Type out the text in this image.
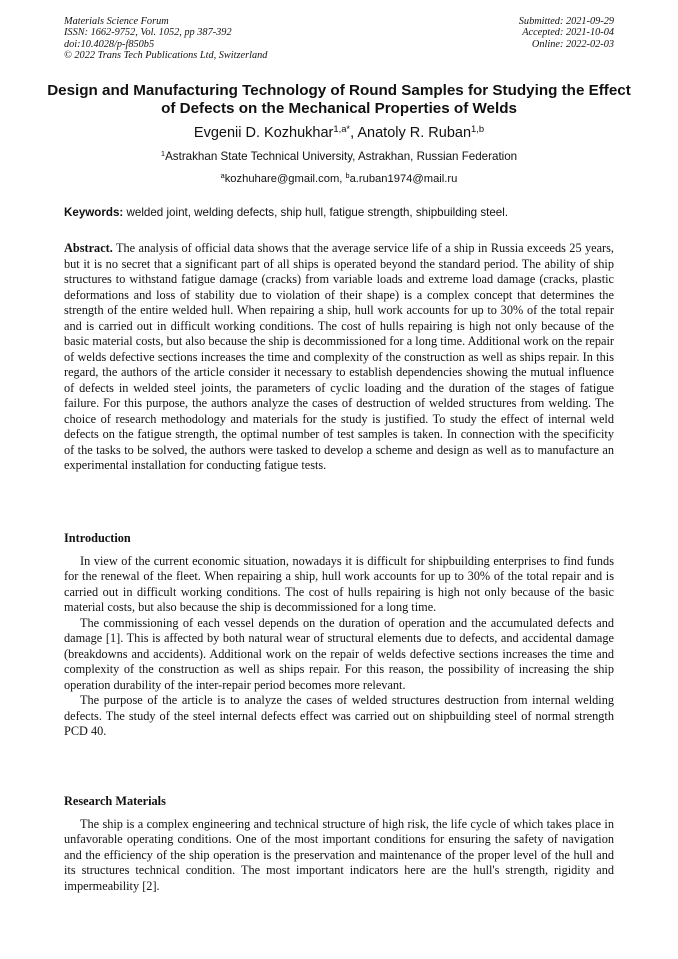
Materials Science Forum
ISSN: 1662-9752, Vol. 1052, pp 387-392
doi:10.4028/p-f850b5
© 2022 Trans Tech Publications Ltd, Switzerland
Submitted: 2021-09-29
Accepted: 2021-10-04
Online: 2022-02-03
Design and Manufacturing Technology of Round Samples for Studying the Effect of Defects on the Mechanical Properties of Welds
Evgenii D. Kozhukhar$^{1,a*}$, Anatoly R. Ruban$^{1,b}$
$^1$Astrakhan State Technical University, Astrakhan, Russian Federation
$^a$kozhuhare@gmail.com, $^b$a.ruban1974@mail.ru
Keywords: welded joint, welding defects, ship hull, fatigue strength, shipbuilding steel.
Abstract. The analysis of official data shows that the average service life of a ship in Russia exceeds 25 years, but it is no secret that a significant part of all ships is operated beyond the standard period. The ability of ship structures to withstand fatigue damage (cracks) from variable loads and extreme load damage (cracks, plastic deformations and loss of stability due to violation of their shape) is a complex concept that determines the strength of the entire welded hull. When repairing a ship, hull work accounts for up to 30% of the total repair and is carried out in difficult working conditions. The cost of hulls repairing is high not only because of the basic material costs, but also because the ship is decommissioned for a long time. Additional work on the repair of welds defective sections increases the time and complexity of the construction as well as ships repair. In this regard, the authors of the article consider it necessary to establish dependencies showing the mutual influence of defects in welded steel joints, the parameters of cyclic loading and the duration of the stages of fatigue failure. For this purpose, the authors analyze the cases of destruction of welded structures from welding. The choice of research methodology and materials for the study is justified. To study the effect of internal weld defects on the fatigue strength, the optimal number of test samples is taken. In connection with the specificity of the tasks to be solved, the authors were tasked to develop a scheme and design as well as to manufacture an experimental installation for conducting fatigue tests.
Introduction

In view of the current economic situation, nowadays it is difficult for shipbuilding enterprises to find funds for the renewal of the fleet. When repairing a ship, hull work accounts for up to 30% of the total repair and is carried out in difficult working conditions. The cost of hulls repairing is high not only because of the basic material costs, but also because the ship is decommissioned for a long time.

The commissioning of each vessel depends on the duration of operation and the accumulated defects and damage [1]. This is affected by both natural wear of structural elements due to defects, and accidental damage (breakdowns and accidents). Additional work on the repair of welds defective sections increases the time and complexity of the construction as well as ships repair. For this reason, the possibility of increasing the ship operation durability of the inter-repair period becomes more relevant.

The purpose of the article is to analyze the cases of welded structures destruction from internal welding defects. The study of the steel internal defects effect was carried out on shipbuilding steel of normal strength PCD 40.

Research Materials

The ship is a complex engineering and technical structure of high risk, the life cycle of which takes place in unfavorable operating conditions. One of the most important conditions for ensuring the safety of navigation and the efficiency of the ship operation is the preservation and maintenance of the proper level of the hull and its structures technical condition. The most important indicators here are the hull's strength, rigidity and impermeability [2].
